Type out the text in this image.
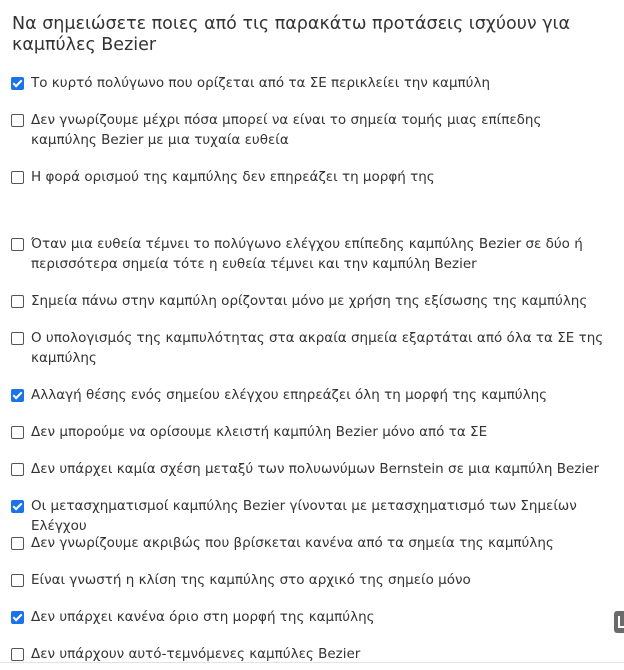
Να σημειώσετε ποιες από τις παρακάτω προτάσεις ισχύουν για καμπύλες Bezier
Το κυρτό πολύγωνο που ορίζεται από τα ΣΕ περικλείει την καμπύλη
Δεν γνωρίζουμε μέχρι πόσα μπορεί να είναι το σημεία τομής μιας επίπεδης καμπύλης Bezier με μια τυχαία ευθεία
Η φορά ορισμού της καμπύλης δεν επηρεάζει τη μορφή της
Όταν μια ευθεία τέμνει το πολύγωνο ελέγχου επίπεδης καμπύλης Bezier σε δύο ή περισσότερα σημεία τότε η ευθεία τέμνει και την καμπύλη Bezier
Σημεία πάνω στην καμπύλη ορίζονται μόνο με χρήση της εξίσωσης της καμπύλης
Ο υπολογισμός της καμπυλότητας στα ακραία σημεία εξαρτάται από όλα τα ΣΕ της καμπύλης
Αλλαγή θέσης ενός σημείου ελέγχου επηρεάζει όλη τη μορφή της καμπύλης
Δεν μπορούμε να ορίσουμε κλειστή καμπύλη Bezier μόνο από τα ΣΕ
Δεν υπάρχει καμία σχέση μεταξύ των πολυωνύμων Bernstein σε μια καμπύλη Bezier
Οι μετασχηματισμοί καμπύλης Bezier γίνονται με μετασχηματισμό των Σημείων Ελέγχου
Δεν γνωρίζουμε ακριβώς που βρίσκεται κανένα από τα σημεία της καμπύλης
Είναι γνωστή η κλίση της καμπύλης στο αρχικό της σημείο μόνο
Δεν υπάρχει κανένα όριο στη μορφή της καμπύλης
Δεν υπάρχουν αυτό-τεμνόμενες καμπύλες Bezier
